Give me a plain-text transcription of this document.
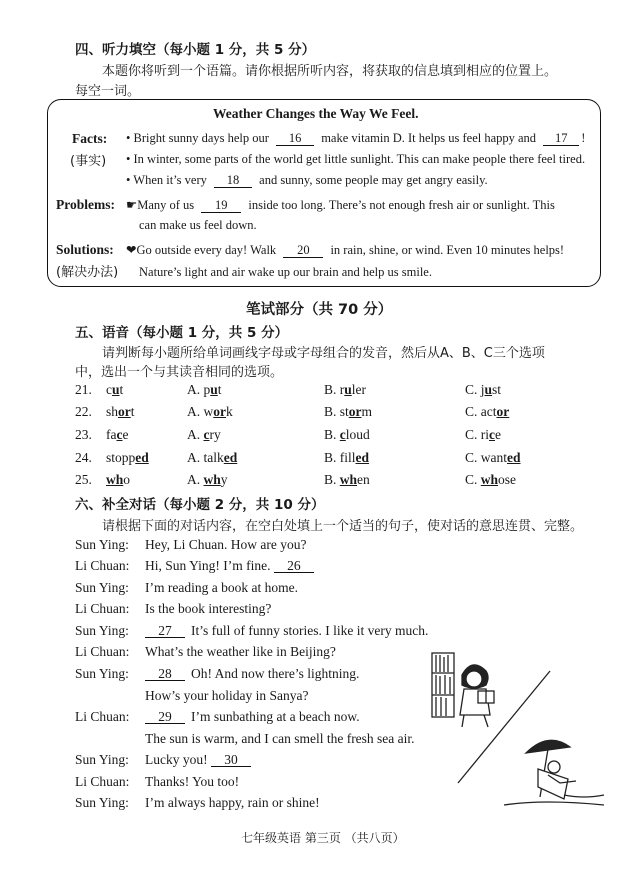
四、听力填空（每小题 1 分，共 5 分）
本题你将听到一个语篇。请你根据所听内容，将获取的信息填到相应的位置上。
每空一词。
Weather Changes the Way We Feel.
Facts:
(事实)
• Bright sunny days help our 16 make vitamin D. It helps us feel happy and 17 !
• In winter, some parts of the world get little sunlight. This can make people there feel tired.
• When it’s very 18 and sunny, some people may get angry easily.
Problems: ☛Many of us 19 inside too long. There’s not enough fresh air or sunlight. This
can make us feel down.
Solutions:
(解决办法)
❤Go outside every day! Walk 20 in rain, shine, or wind. Even 10 minutes helps!
Nature’s light and air wake up our brain and help us smile.
笔试部分（共 70 分）
五、语音（每小题 1 分，共 5 分）
请判断每小题所给单词画线字母或字母组合的发音，然后从A、B、C三个选项
中，选出一个与其读音相同的选项。
21. cut	A. put	B. ruler	C. just
22. short	A. work	B. storm	C. actor
23. face	A. cry	B. cloud	C. rice
24. stopped	A. talked	B. filled	C. wanted
25. who	A. why	B. when	C. whose
六、补全对话（每小题 2 分，共 10 分）
请根据下面的对话内容，在空白处填上一个适当的句子，使对话的意思连贯、完整。
Sun Ying: Hey, Li Chuan. How are you?
Li Chuan: Hi, Sun Ying! I’m fine. 26
Sun Ying: I’m reading a book at home.
Li Chuan: Is the book interesting?
Sun Ying:	27 It’s full of funny stories. I like it very much.
Li Chuan: What’s the weather like in Beijing?
Sun Ying:	28 Oh! And now there’s lightning.
How’s your holiday in Sanya?
Li Chuan:	29 I’m sunbathing at a beach now.
The sun is warm, and I can smell the fresh sea air.
Sun Ying: Lucky you! 30
Li Chuan: Thanks! You too!
Sun Ying: I’m always happy, rain or shine!
七年级英语 第三页 （共八页）
